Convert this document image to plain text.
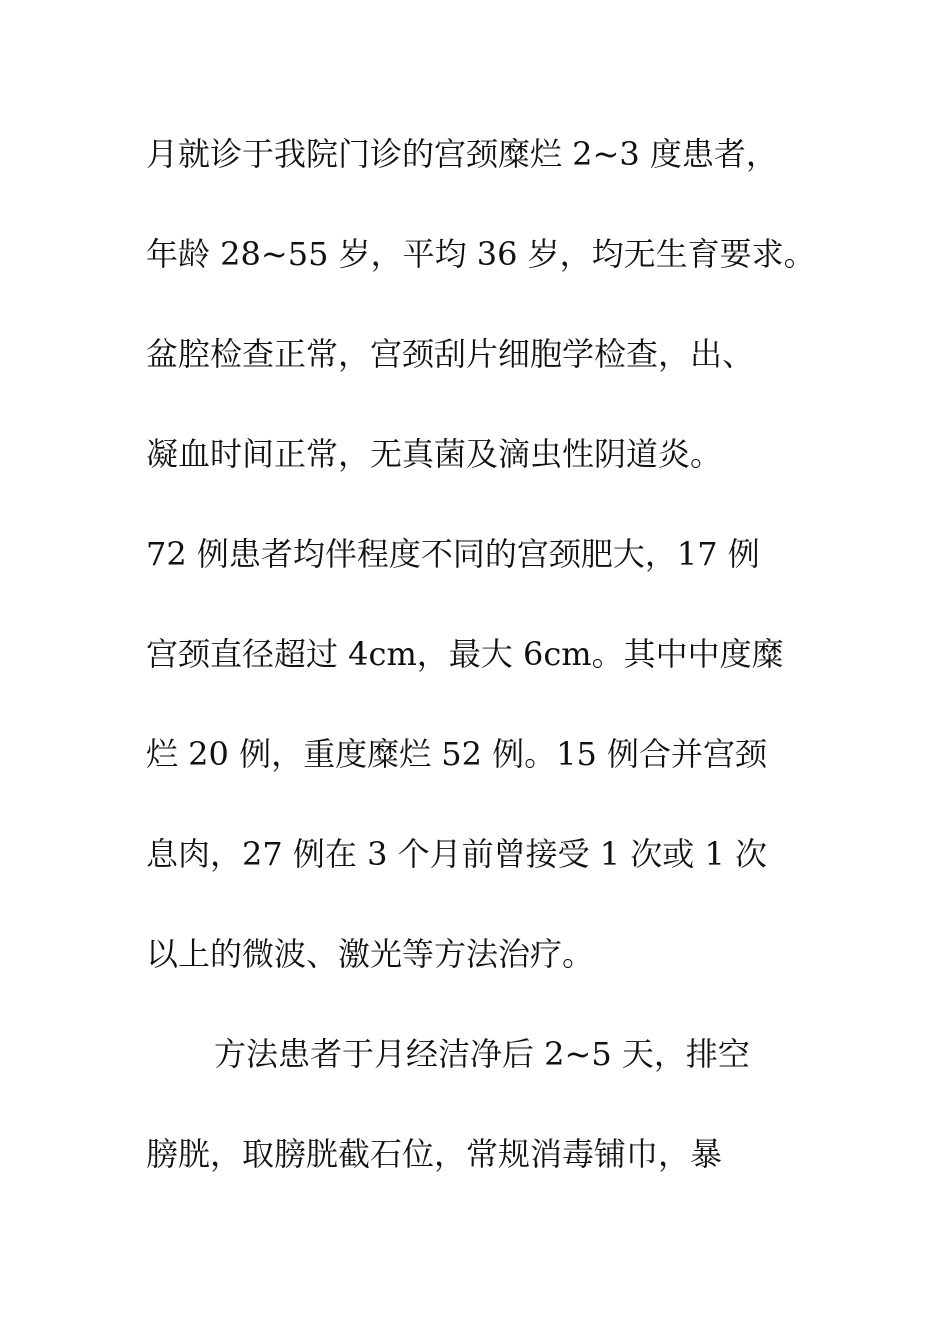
月就诊于我院门诊的宫颈糜烂 2~3 度患者，
年龄 28~55 岁，平均 36 岁，均无生育要求。
盆腔检查正常，宫颈刮片细胞学检查，出、
凝血时间正常，无真菌及滴虫性阴道炎。
72 例患者均伴程度不同的宫颈肥大，17 例
宫颈直径超过 4cm，最大 6cm。其中中度糜
烂 20 例，重度糜烂 52 例。15 例合并宫颈
息肉，27 例在 3 个月前曾接受 1 次或 1 次
以上的微波、激光等方法治疗。
方法患者于月经洁净后 2~5 天，排空
膀胱，取膀胱截石位，常规消毒铺巾，暴
